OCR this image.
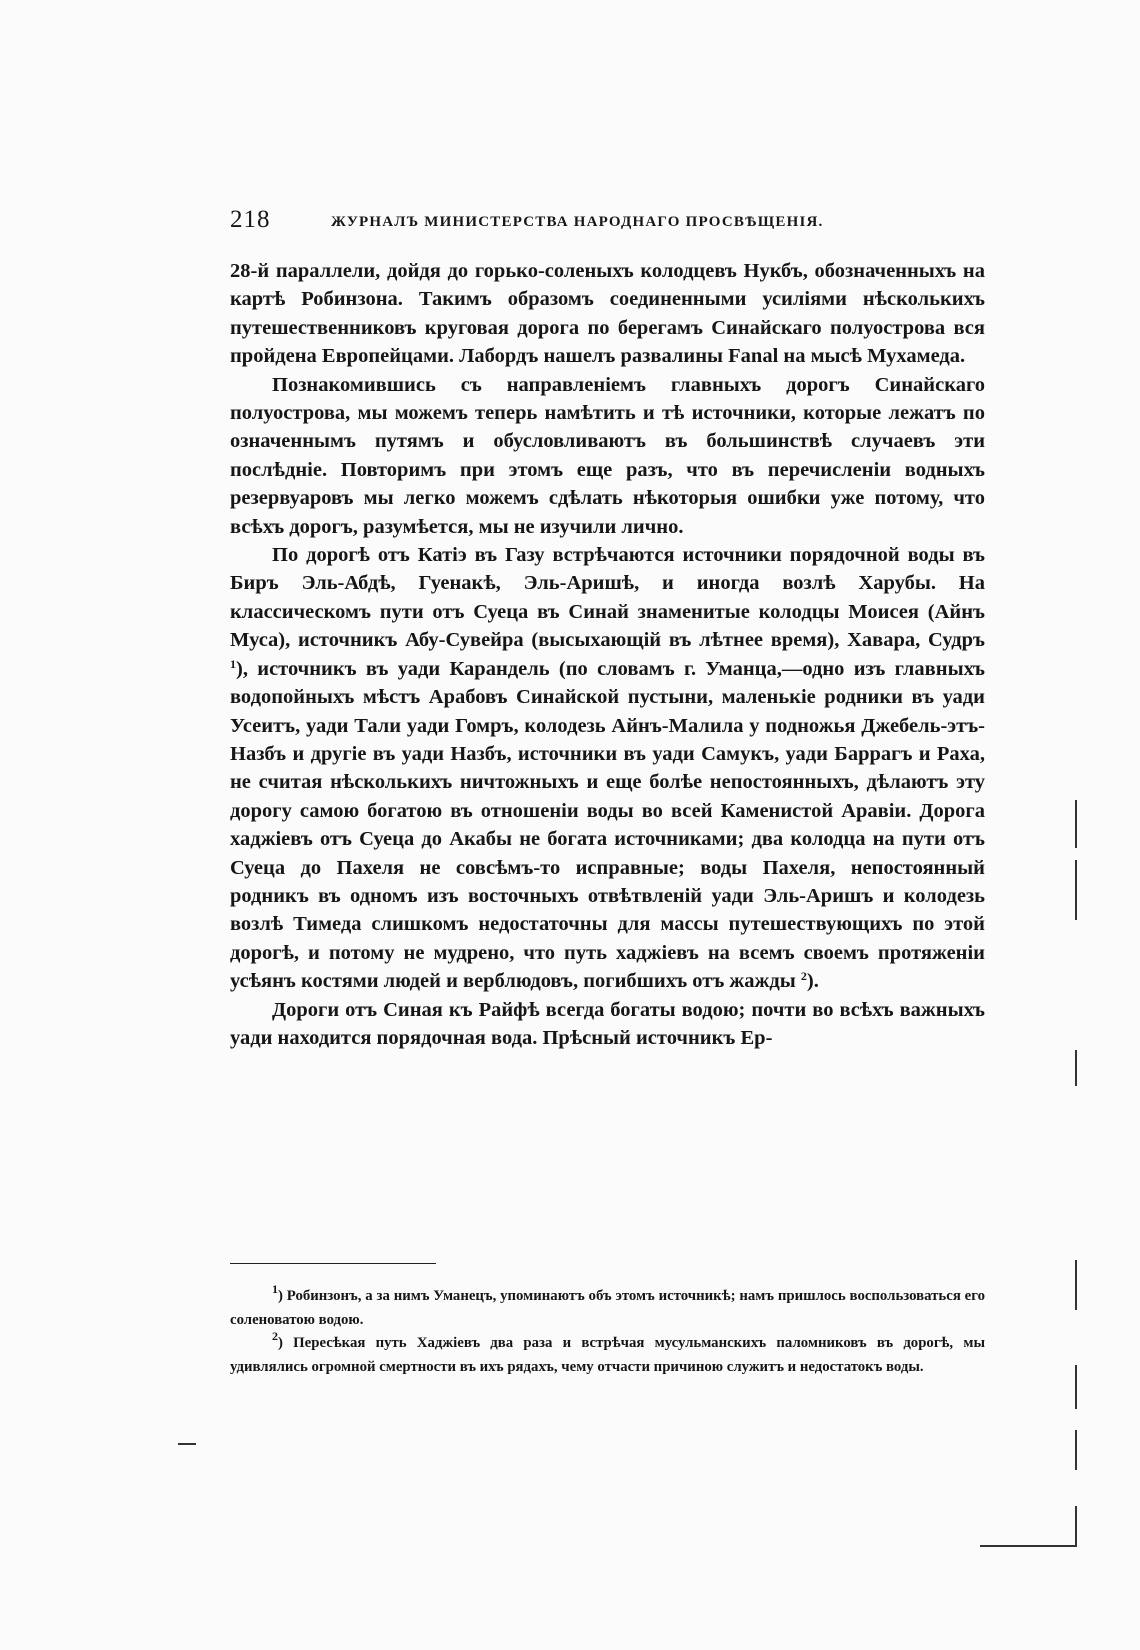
218	ЖУРНАЛЪ МИНИСТЕРСТВА НАРОДНАГО ПРОСВѢЩЕНІЯ.

28-й параллели, дойдя до горько-соленыхъ колодцевъ Нукбъ, обозначенныхъ на картѣ Робинзона. Такимъ образомъ соединенными усиліями нѣсколькихъ путешественниковъ круговая дорога по берегамъ Синайскаго полуострова вся пройдена Европейцами. Лабордъ нашелъ развалины Fanal на мысѣ Мухамеда.

Познакомившись съ направленіемъ главныхъ дорогъ Синайскаго полуострова, мы можемъ теперь намѣтить и тѣ источники, которые лежатъ по означеннымъ путямъ и обусловливаютъ въ большинствѣ случаевъ эти послѣдніе. Повторимъ при этомъ еще разъ, что въ перечисленіи водныхъ резервуаровъ мы легко можемъ сдѣлать нѣкоторыя ошибки уже потому, что всѣхъ дорогъ, разумѣется, мы не изучили лично.

По дорогѣ отъ Катіэ въ Газу встрѣчаются источники порядочной воды въ Биръ Эль-Абдѣ, Гуенакѣ, Эль-Аришѣ, и иногда возлѣ Харубы. На классическомъ пути отъ Суеца въ Синай знаменитые колодцы Моисея (Айнъ Муса), источникъ Абу-Сувейра (высыхающій въ лѣтнее время), Хавара, Судръ $^1$), источникъ въ уади Карандель (по словамъ г. Уманца,—одно изъ главныхъ водопойныхъ мѣстъ Арабовъ Синайской пустыни, маленькіе родники въ уади Усеитъ, уади Тали уади Гомръ, колодезь Айнъ-Малила у подножья Джебель-этъ-Назбъ и другіе въ уади Назбъ, источники въ уади Самукъ, уади Баррагъ и Раха, не считая нѣсколькихъ ничтожныхъ и еще болѣе непостоянныхъ, дѣлаютъ эту дорогу самою богатою въ отношеніи воды во всей Каменистой Аравіи. Дорога хаджіевъ отъ Суеца до Акабы не богата источниками; два колодца на пути отъ Суеца до Пахеля не совсѣмъ-то исправные; воды Пахеля, непостоянный родникъ въ одномъ изъ восточныхъ отвѣтвленій уади Эль-Аришъ и колодезь возлѣ Тимеда слишкомъ недостаточны для массы путешествующихъ по этой дорогѣ, и потому не мудрено, что путь хаджіевъ на всемъ своемъ протяженіи усѣянъ костями людей и верблюдовъ, погибшихъ отъ жажды $^2$).

Дороги отъ Синая къ Райфѣ всегда богаты водою; почти во всѣхъ важныхъ уади находится порядочная вода. Прѣсный источникъ Ер-

$^1$) Робинзонъ, а за нимъ Уманецъ, упоминаютъ объ этомъ источникѣ; намъ пришлось воспользоваться его соленоватою водою.

$^2$) Пересѣкая путь Хаджіевъ два раза и встрѣчая мусульманскихъ паломниковъ въ дорогѣ, мы удивлялись огромной смертности въ ихъ рядахъ, чему отчасти причиною служитъ и недостатокъ воды.
